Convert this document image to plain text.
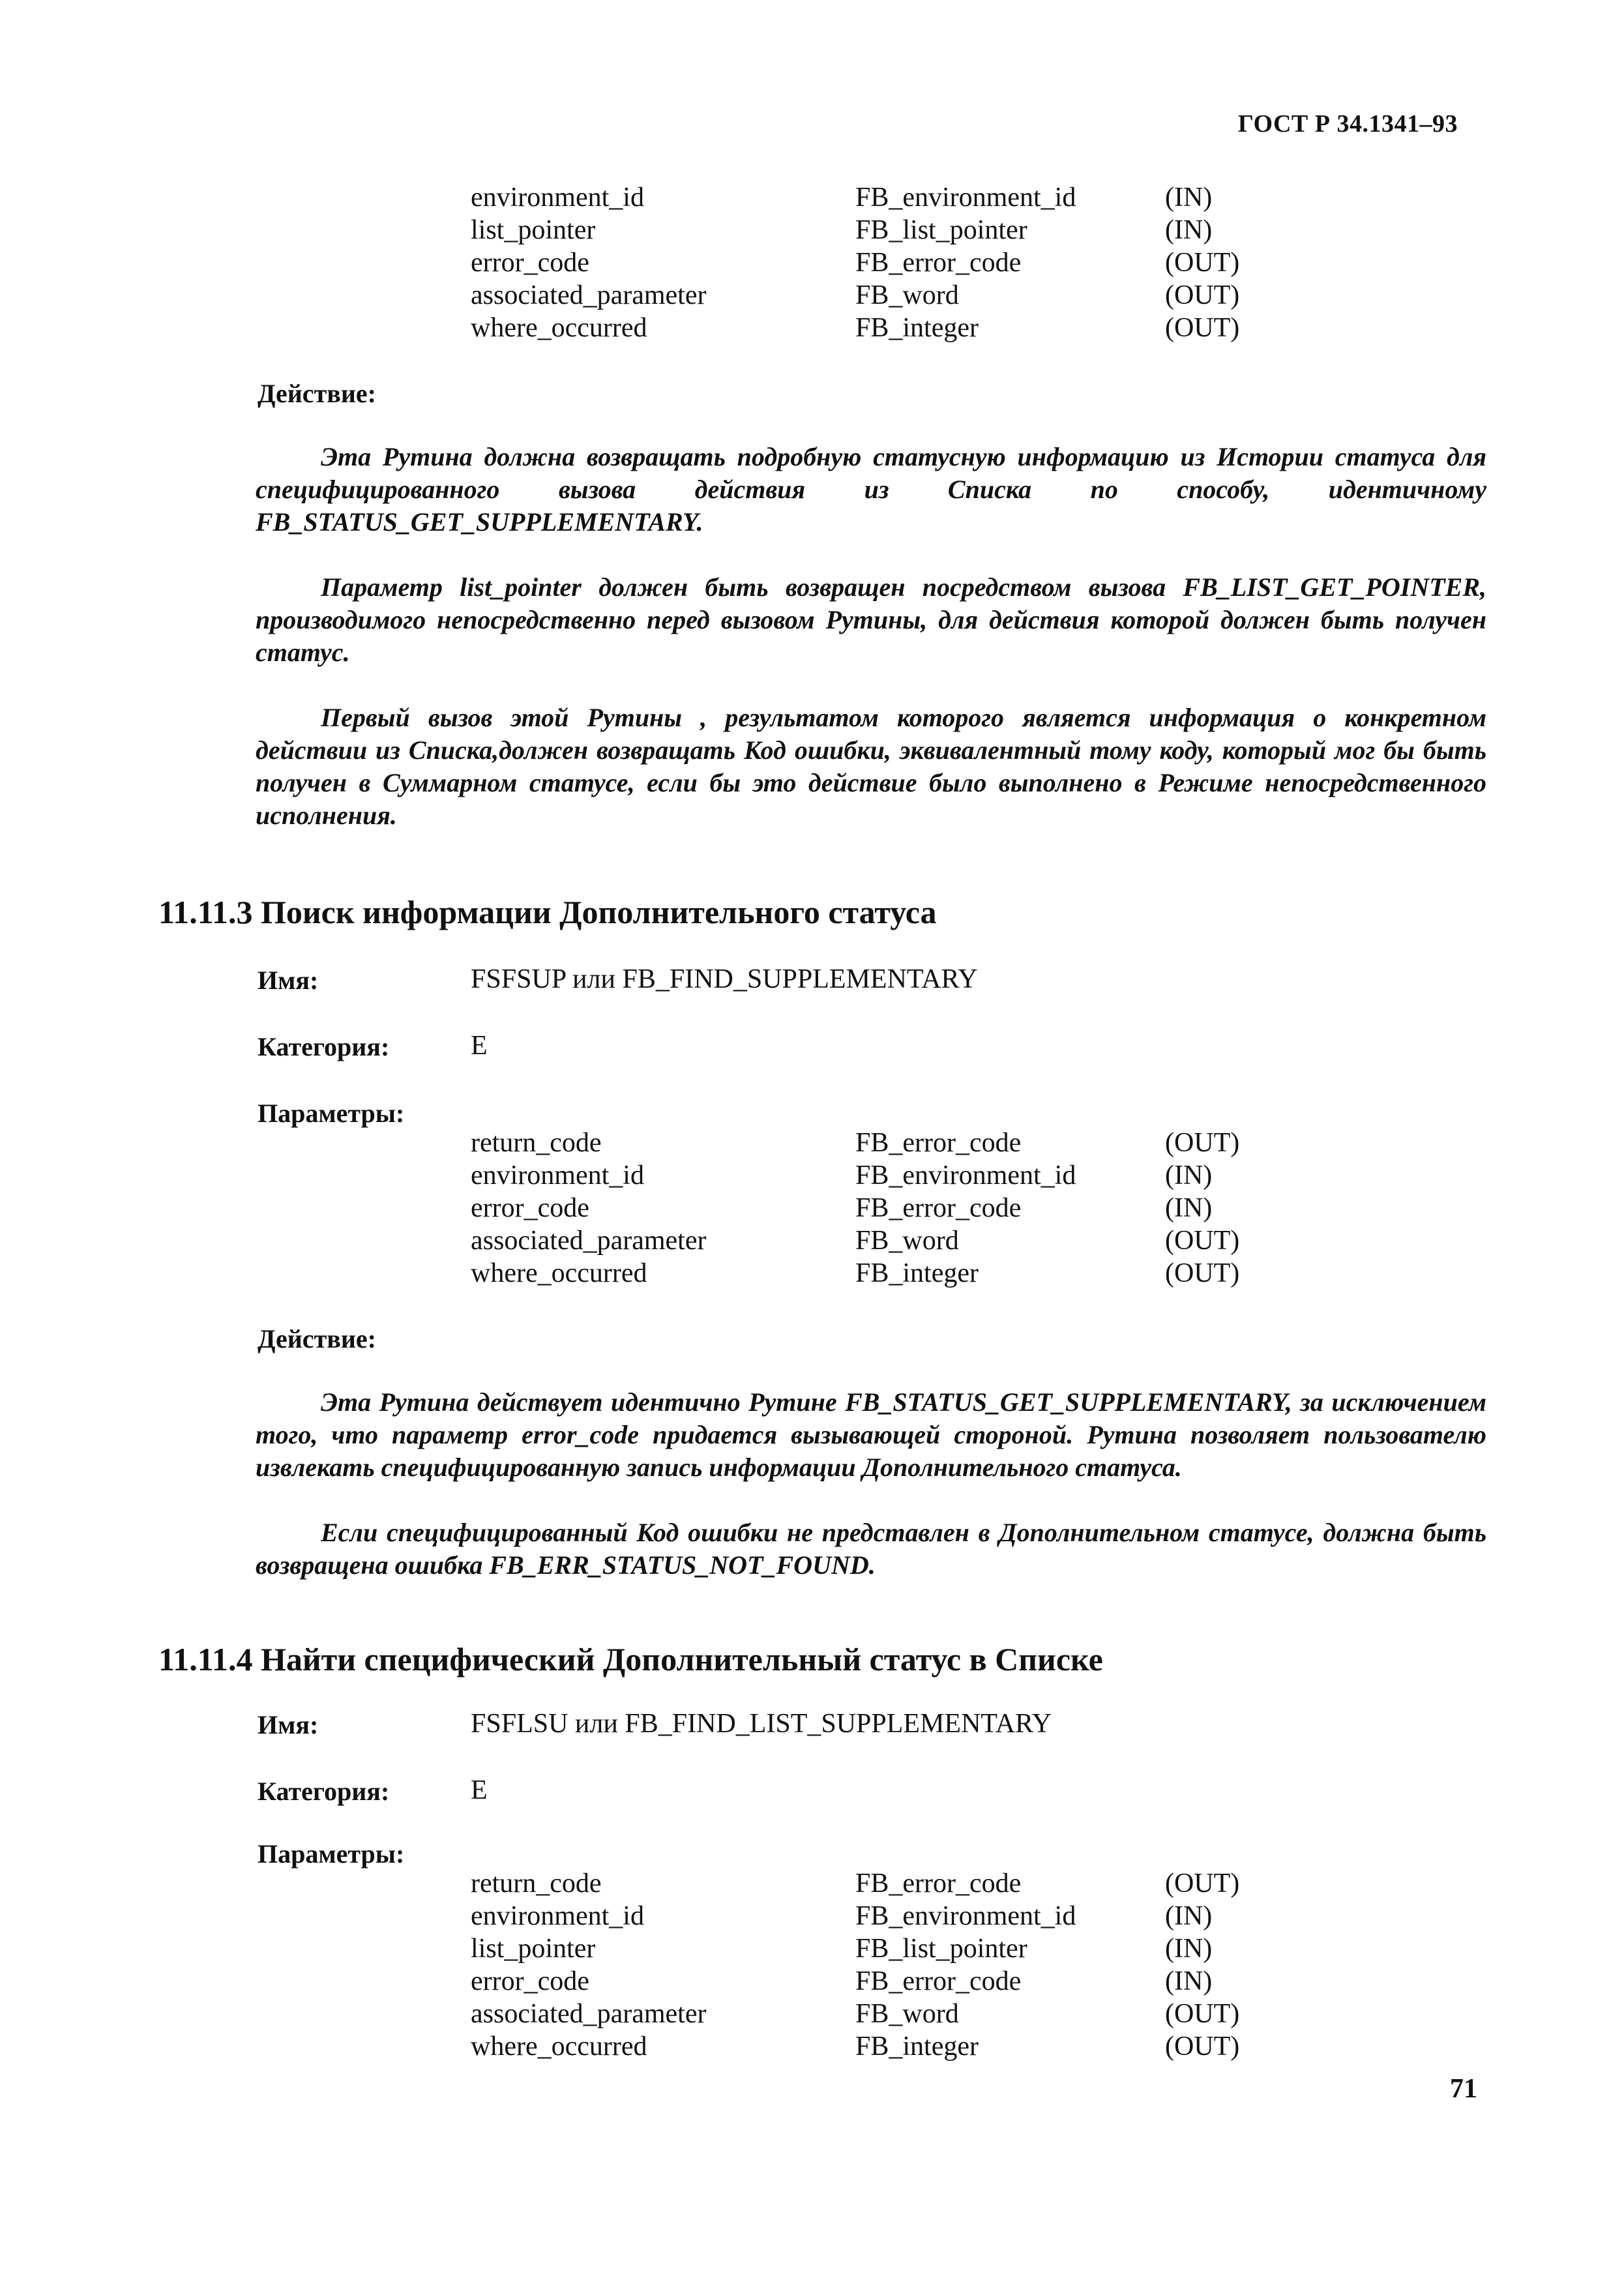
ГОСТ Р 34.1341–93
environment_id	FB_environment_id	(IN)
list_pointer	FB_list_pointer	(IN)
error_code	FB_error_code	(OUT)
associated_parameter	FB_word	(OUT)
where_occurred	FB_integer	(OUT)
Действие:

Эта Рутина должна возвращать подробную статусную информацию из Истории статуса для специфицированного вызова действия из Списка по способу, идентичному FB_STATUS_GET_SUPPLEMENTARY.

Параметр list_pointer должен быть возвращен посредством вызова FB_LIST_GET_POINTER, производимого непосредственно перед вызовом Рутины, для действия которой должен быть получен статус.

Первый вызов этой Рутины , результатом которого является информация о конкретном действии из Списка,должен возвращать Код ошибки, эквивалентный тому коду, который мог бы быть получен в Суммарном статусе, если бы это действие было выполнено в Режиме непосредственного исполнения.

11.11.3 Поиск информации Дополнительного статуса
Имя:	FSFSUP или FB_FIND_SUPPLEMENTARY
Категория:	E
Параметры:
return_code	FB_error_code	(OUT)
environment_id	FB_environment_id	(IN)
error_code	FB_error_code	(IN)
associated_parameter	FB_word	(OUT)
where_occurred	FB_integer	(OUT)
Действие:

Эта Рутина действует идентично Рутине FB_STATUS_GET_SUPPLEMENTARY, за исключением того, что параметр error_code придается вызывающей стороной. Рутина позволяет пользователю извлекать специфицированную запись информации Дополнительного статуса.

Если специфицированный Код ошибки не представлен в Дополнительном статусе, должна быть возвращена ошибка FB_ERR_STATUS_NOT_FOUND.

11.11.4 Найти специфический Дополнительный статус в Списке
Имя:	FSFLSU или FB_FIND_LIST_SUPPLEMENTARY
Категория:	E
Параметры:
return_code	FB_error_code	(OUT)
environment_id	FB_environment_id	(IN)
list_pointer	FB_list_pointer	(IN)
error_code	FB_error_code	(IN)
associated_parameter	FB_word	(OUT)
where_occurred	FB_integer	(OUT)
71
